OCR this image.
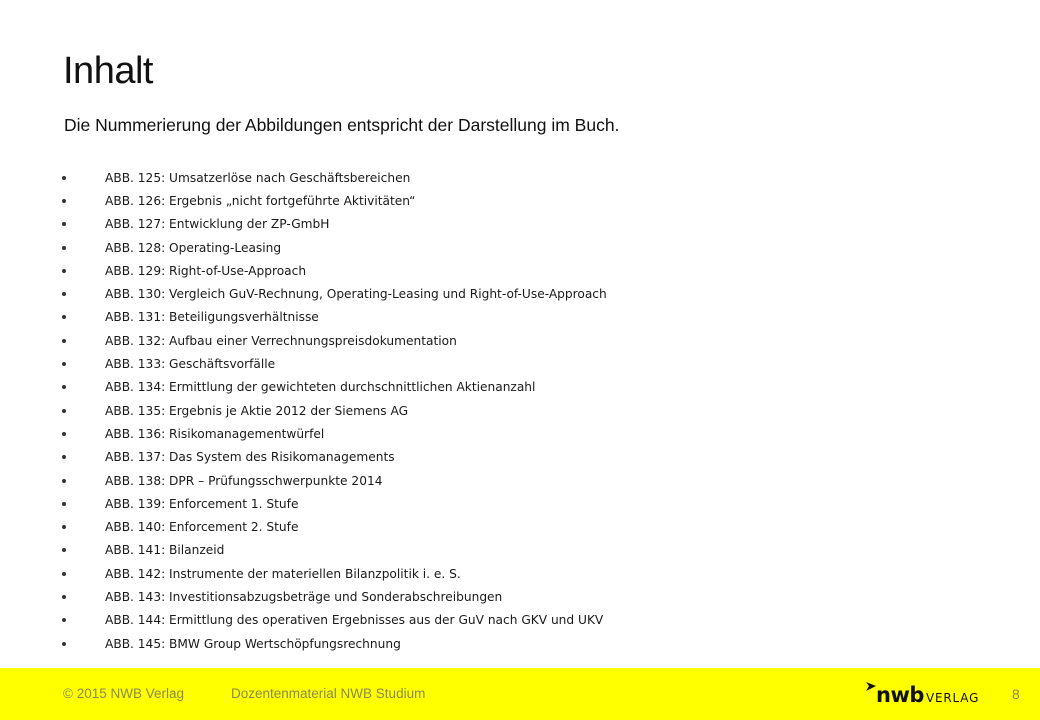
Inhalt
Die Nummerierung der Abbildungen entspricht der Darstellung im Buch.
ABB. 125: Umsatzerlöse nach Geschäftsbereichen
ABB. 126: Ergebnis „nicht fortgeführte Aktivitäten“
ABB. 127: Entwicklung der ZP-GmbH
ABB. 128: Operating-Leasing
ABB. 129: Right-of-Use-Approach
ABB. 130: Vergleich GuV-Rechnung, Operating-Leasing und Right-of-Use-Approach
ABB. 131: Beteiligungsverhältnisse
ABB. 132: Aufbau einer Verrechnungspreisdokumentation
ABB. 133: Geschäftsvorfälle
ABB. 134: Ermittlung der gewichteten durchschnittlichen Aktienanzahl
ABB. 135: Ergebnis je Aktie 2012 der Siemens AG
ABB. 136: Risikomanagementwürfel
ABB. 137: Das System des Risikomanagements
ABB. 138: DPR – Prüfungsschwerpunkte 2014
ABB. 139: Enforcement 1. Stufe
ABB. 140: Enforcement 2. Stufe
ABB. 141: Bilanzeid
ABB. 142: Instrumente der materiellen Bilanzpolitik i. e. S.
ABB. 143: Investitionsabzugsbeträge und Sonderabschreibungen
ABB. 144: Ermittlung des operativen Ergebnisses aus der GuV nach GKV und UKV
ABB. 145: BMW Group Wertschöpfungsrechnung
© 2015 NWB Verlag	Dozentenmaterial NWB Studium	nwb VERLAG 8
